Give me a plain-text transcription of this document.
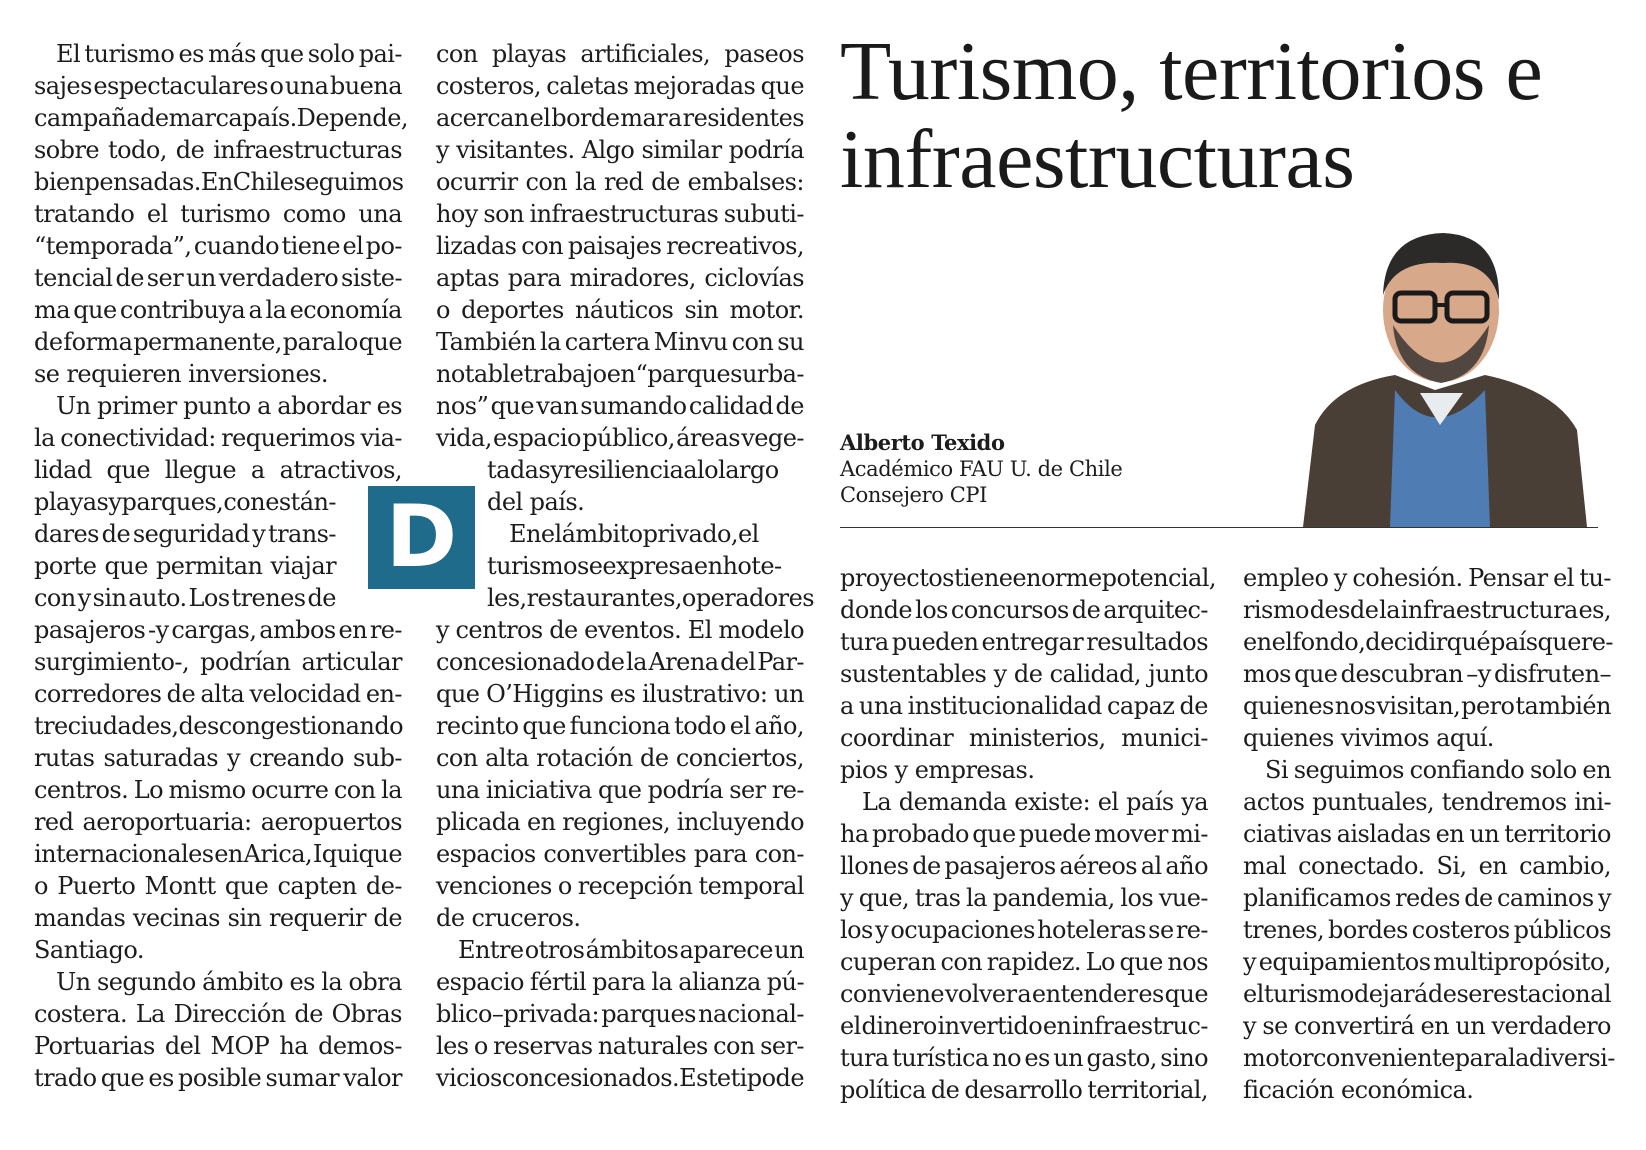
Turismo, territorios e
infraestructuras
Alberto Texido
Académico FAU U. de Chile
Consejero CPI
D
El turismo es más que solo pai-
sajes espectaculares o una buena
campaña de marca país. Depende,
sobre todo, de infraestructuras
bien pensadas. En Chile seguimos
tratando el turismo como una
“temporada”, cuando tiene el po-
tencial de ser un verdadero siste-
ma que contribuya a la economía
de forma permanente, para lo que
se requieren inversiones.
Un primer punto a abordar es
la conectividad: requerimos via-
lidad que llegue a atractivos,
playas y parques, con están-
dares de seguridad y trans-
porte que permitan viajar
con y sin auto. Los trenes de
pasajeros -y cargas, ambos en re-
surgimiento-, podrían articular
corredores de alta velocidad en-
tre ciudades, descongestionando
rutas saturadas y creando sub-
centros. Lo mismo ocurre con la
red aeroportuaria: aeropuertos
internacionales en Arica, Iquique
o Puerto Montt que capten de-
mandas vecinas sin requerir de
Santiago.
Un segundo ámbito es la obra
costera. La Dirección de Obras
Portuarias del MOP ha demos-
trado que es posible sumar valor
con playas artificiales, paseos
costeros, caletas mejoradas que
acercan el borde mar a residentes
y visitantes. Algo similar podría
ocurrir con la red de embalses:
hoy son infraestructuras subuti-
lizadas con paisajes recreativos,
aptas para miradores, ciclovías
o deportes náuticos sin motor.
También la cartera Minvu con su
notable trabajo en “parques urba-
nos” que van sumando calidad de
vida, espacio público, áreas vege-
tadas y resiliencia a lo largo
del país.
En el ámbito privado, el
turismo se expresa en hote-
les, restaurantes, operadores
y centros de eventos. El modelo
concesionado de la Arena del Par-
que O’Higgins es ilustrativo: un
recinto que funciona todo el año,
con alta rotación de conciertos,
una iniciativa que podría ser re-
plicada en regiones, incluyendo
espacios convertibles para con-
venciones o recepción temporal
de cruceros.
Entre otros ámbitos aparece un
espacio fértil para la alianza pú-
blico–privada: parques nacional-
les o reservas naturales con ser-
vicios concesionados. Este tipo de
proyectos tiene enorme potencial,
donde los concursos de arquitec-
tura pueden entregar resultados
sustentables y de calidad, junto
a una institucionalidad capaz de
coordinar ministerios, munici-
pios y empresas.
La demanda existe: el país ya
ha probado que puede mover mi-
llones de pasajeros aéreos al año
y que, tras la pandemia, los vue-
los y ocupaciones hoteleras se re-
cuperan con rapidez. Lo que nos
conviene volver a entender es que
el dinero invertido en infraestruc-
tura turística no es un gasto, sino
política de desarrollo territorial,
empleo y cohesión. Pensar el tu-
rismo desde la infraestructura es,
en el fondo, decidir qué país quere-
mos que descubran –y disfruten–
quienes nos visitan, pero también
quienes vivimos aquí.
Si seguimos confiando solo en
actos puntuales, tendremos ini-
ciativas aisladas en un territorio
mal conectado. Si, en cambio,
planificamos redes de caminos y
trenes, bordes costeros públicos
y equipamientos multipropósito,
el turismo dejará de ser estacional
y se convertirá en un verdadero
motor conveniente para la diversi-
ficación económica.
